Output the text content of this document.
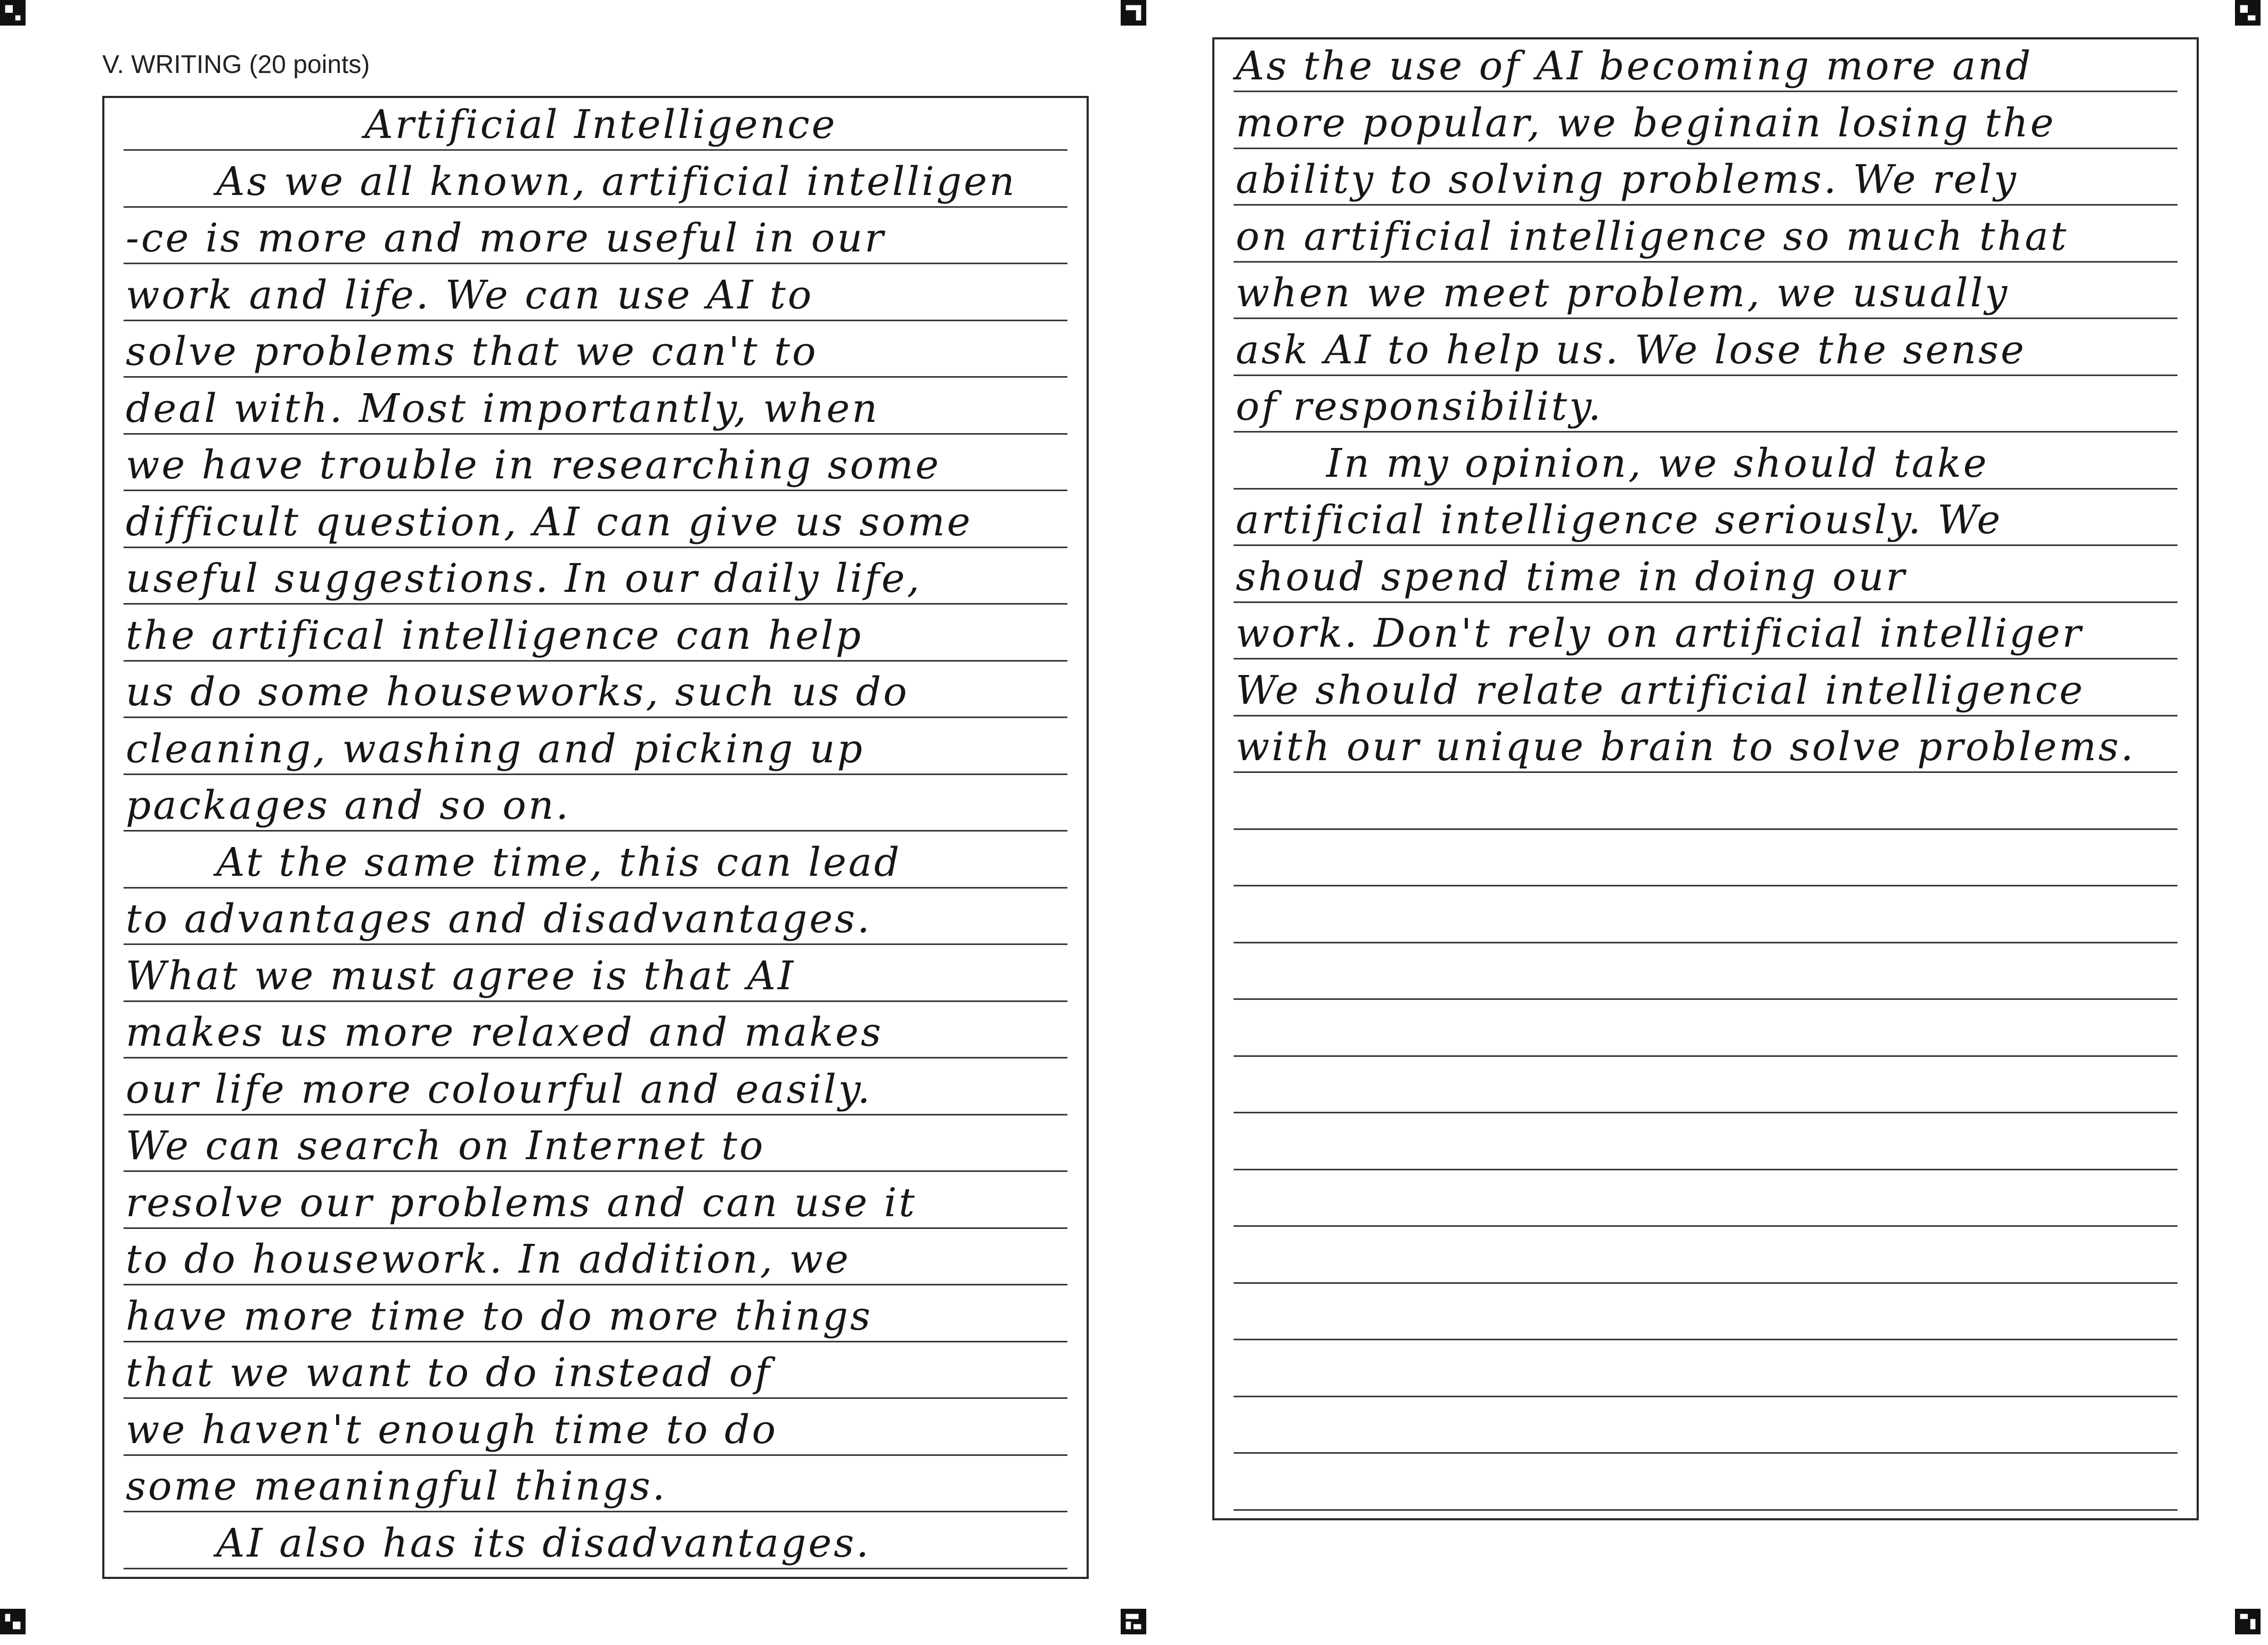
V. WRITING (20 points)
Artificial Intelligence
As we all known, artificial intelligen
-ce is more and more useful in our
work and life. We can use AI to
solve problems that we can't to
deal with. Most importantly, when
we have trouble in researching some
difficult question, AI can give us some
useful suggestions. In our daily life,
the artifical intelligence can help
us do some houseworks, such us do
cleaning, washing and picking up
packages and so on.
At the same time, this can lead
to advantages and disadvantages.
What we must agree is that AI
makes us more relaxed and makes
our life more colourful and easily.
We can search on Internet to
resolve our problems and can use it
to do housework. In addition, we
have more time to do more things
that we want to do instead of
we haven't enough time to do
some meaningful things.
AI also has its disadvantages.
As the use of AI becoming more and
more popular, we beginain losing the
ability to solving problems. We rely
on artificial intelligence so much that
when we meet problem, we usually
ask AI to help us. We lose the sense
of responsibility.
In my opinion, we should take
artificial intelligence seriously. We
shoud spend time in doing our
work. Don't rely on artificial intelliger
We should relate artificial intelligence
with our unique brain to solve problems.
